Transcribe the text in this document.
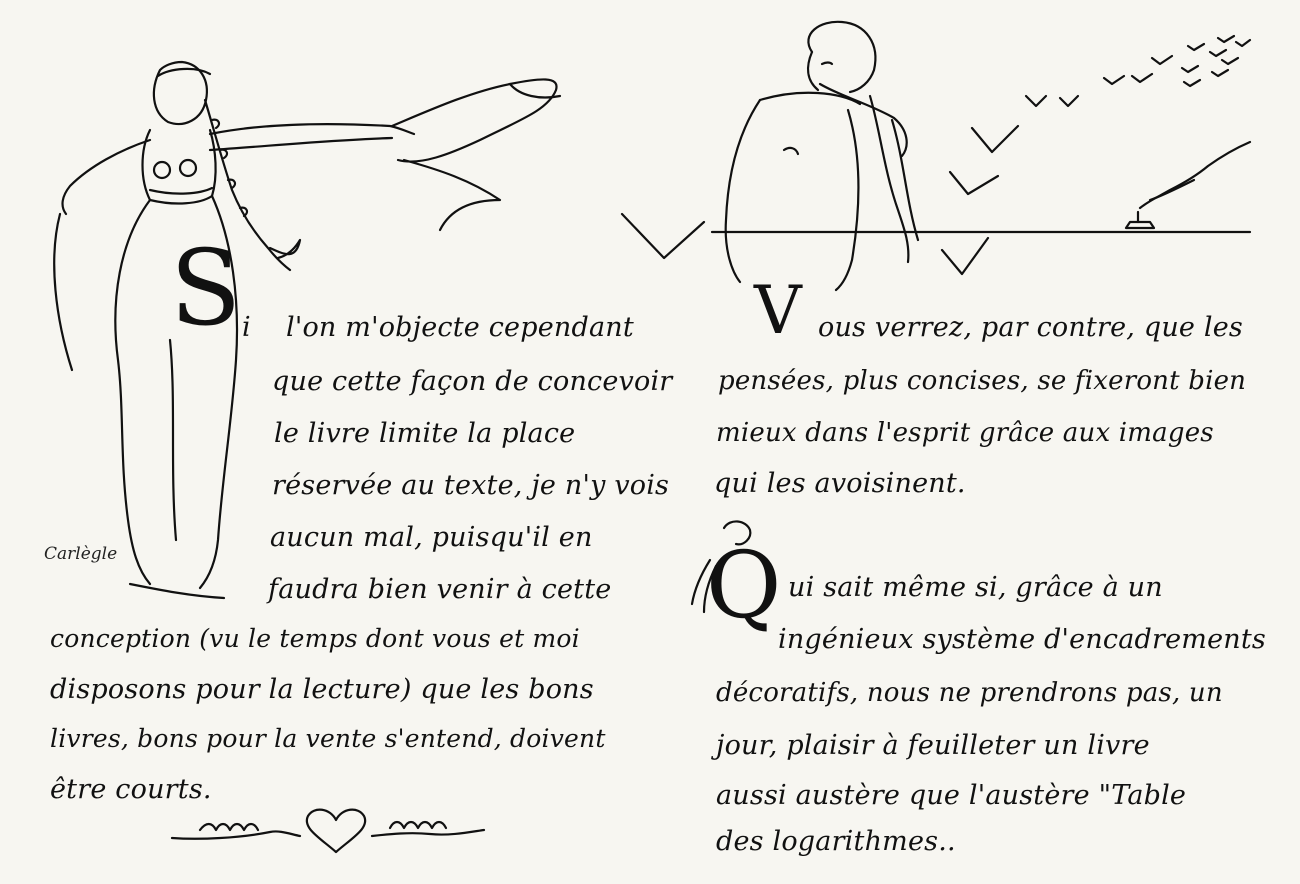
S i l'on m'objecte cependant
que cette façon de concevoir
le livre limite la place
réservée au texte, je n'y vois
aucun mal, puisqu'il en
faudra bien venir à cette
conception (vu le temps dont vous et moi
disposons pour la lecture) que les bons
livres, bons pour la vente s'entend, doivent
être courts.
Carlègle
V ous verrez, par contre, que les
pensées, plus concises, se fixeront bien
mieux dans l'esprit grâce aux images
qui les avoisinent.
Q ui sait même si, grâce à un
ingénieux système d'encadrements
décoratifs, nous ne prendrons pas, un
jour, plaisir à feuilleter un livre
aussi austère que l'austère "Table
des logarithmes..
